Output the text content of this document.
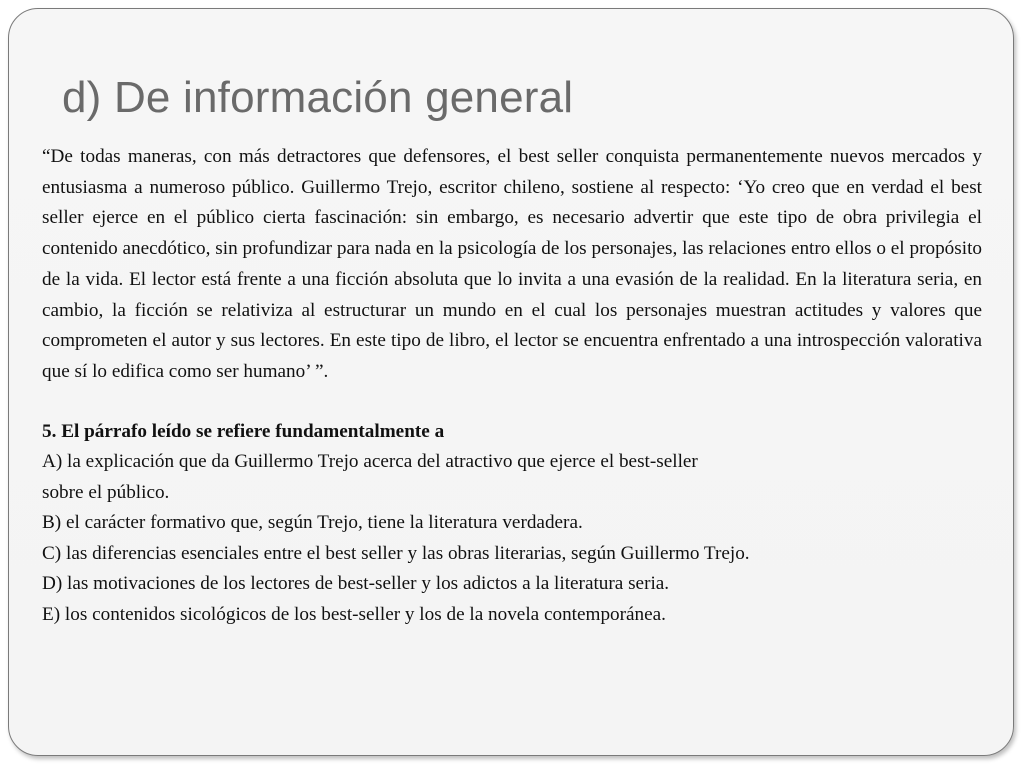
d) De información general

“De todas maneras, con más detractores que defensores, el best seller conquista permanentemente nuevos mercados y entusiasma a numeroso público. Guillermo Trejo, escritor chileno, sostiene al respecto: ‘Yo creo que en verdad el best seller ejerce en el público cierta fascinación: sin embargo, es necesario advertir que este tipo de obra privilegia el contenido anecdótico, sin profundizar para nada en la psicología de los personajes, las relaciones entro ellos o el propósito de la vida. El lector está frente a una ficción absoluta que lo invita a una evasión de la realidad. En la literatura seria, en cambio, la ficción se relativiza al estructurar un mundo en el cual los personajes muestran actitudes y valores que comprometen el autor y sus lectores. En este tipo de libro, el lector se encuentra enfrentado a una introspección valorativa que sí lo edifica como ser humano’ ”.

5. El párrafo leído se refiere fundamentalmente a

A) la explicación que da Guillermo Trejo acerca del atractivo que ejerce el best-seller

sobre el público.

B) el carácter formativo que, según Trejo, tiene la literatura verdadera.

C) las diferencias esenciales entre el best seller y las obras literarias, según Guillermo Trejo.

D) las motivaciones de los lectores de best-seller y los adictos a la literatura seria.

E) los contenidos sicológicos de los best-seller y los de la novela contemporánea.
